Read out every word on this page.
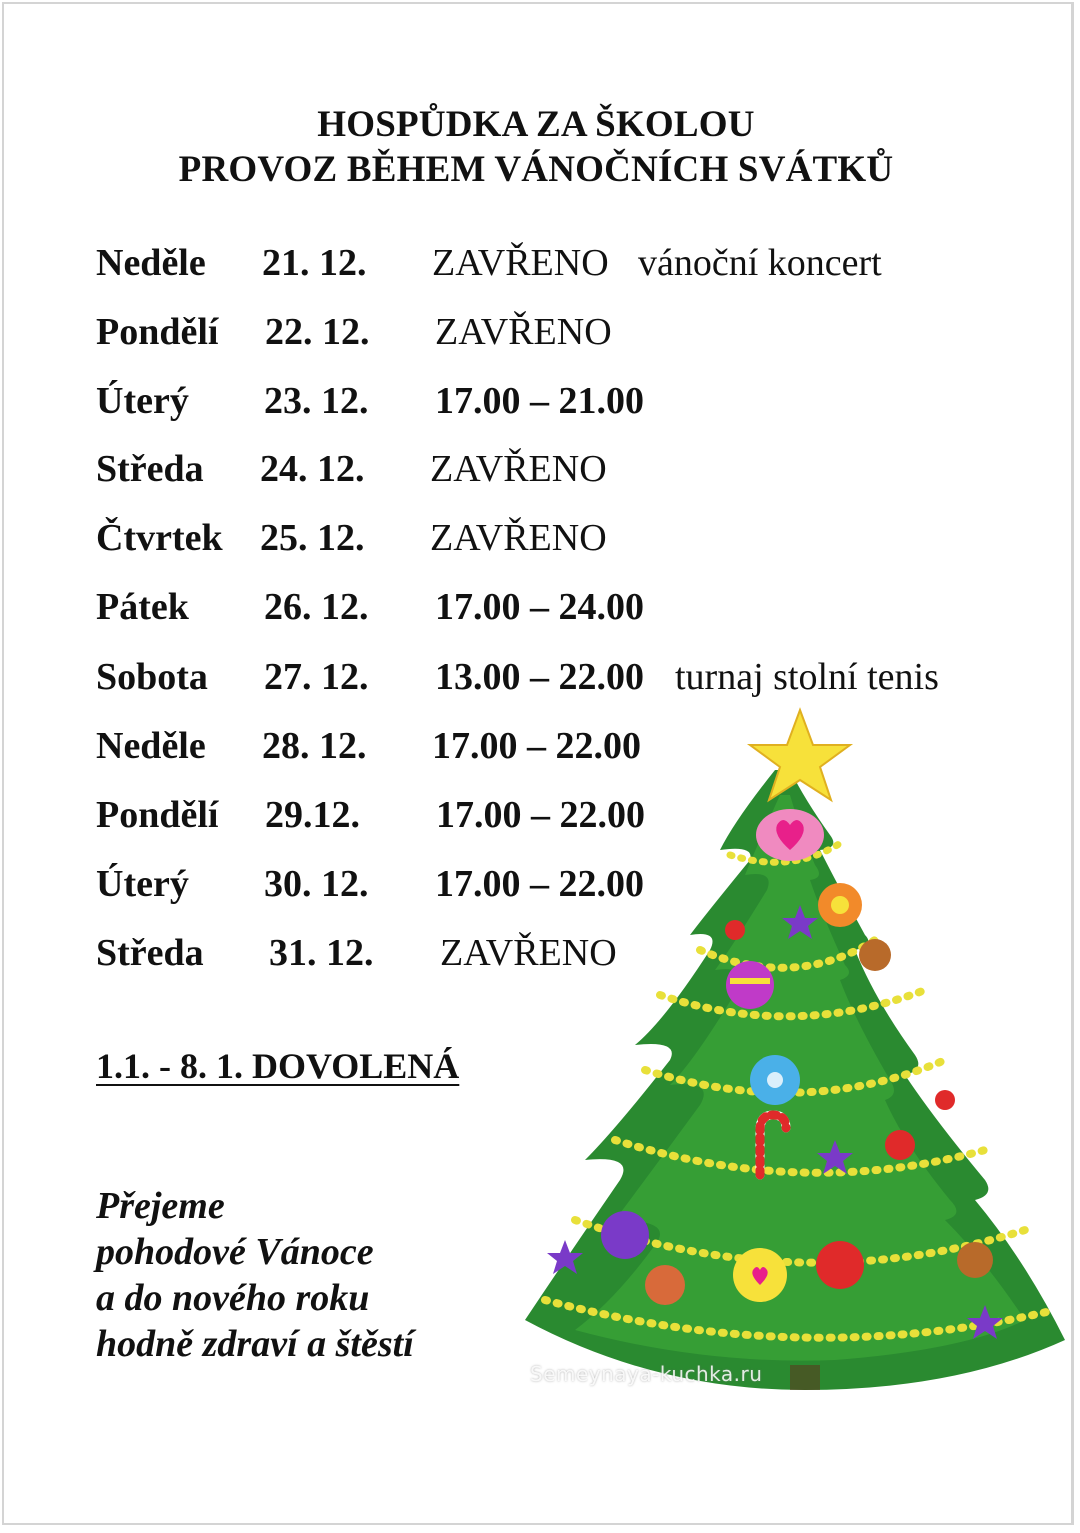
HOSPŮDKA ZA ŠKOLOU
PROVOZ BĚHEM VÁNOČNÍCH SVÁTKŮ
Neděle 21. 12. ZAVŘENO vánoční koncert
Pondělí 22. 12. ZAVŘENO
Úterý 23. 12. 17.00 – 21.00
Středa 24. 12. ZAVŘENO
Čtvrtek 25. 12. ZAVŘENO
Pátek 26. 12. 17.00 – 24.00
Sobota 27. 12. 13.00 – 22.00 turnaj stolní tenis
Neděle 28. 12. 17.00 – 22.00
Pondělí 29.12. 17.00 – 22.00
Úterý 30. 12. 17.00 – 22.00
Středa 31. 12. ZAVŘENO
1.1. - 8. 1. DOVOLENÁ
Přejeme
pohodové Vánoce
a do nového roku
hodně zdraví a štěstí
Semeynaya-kuchka.ru
